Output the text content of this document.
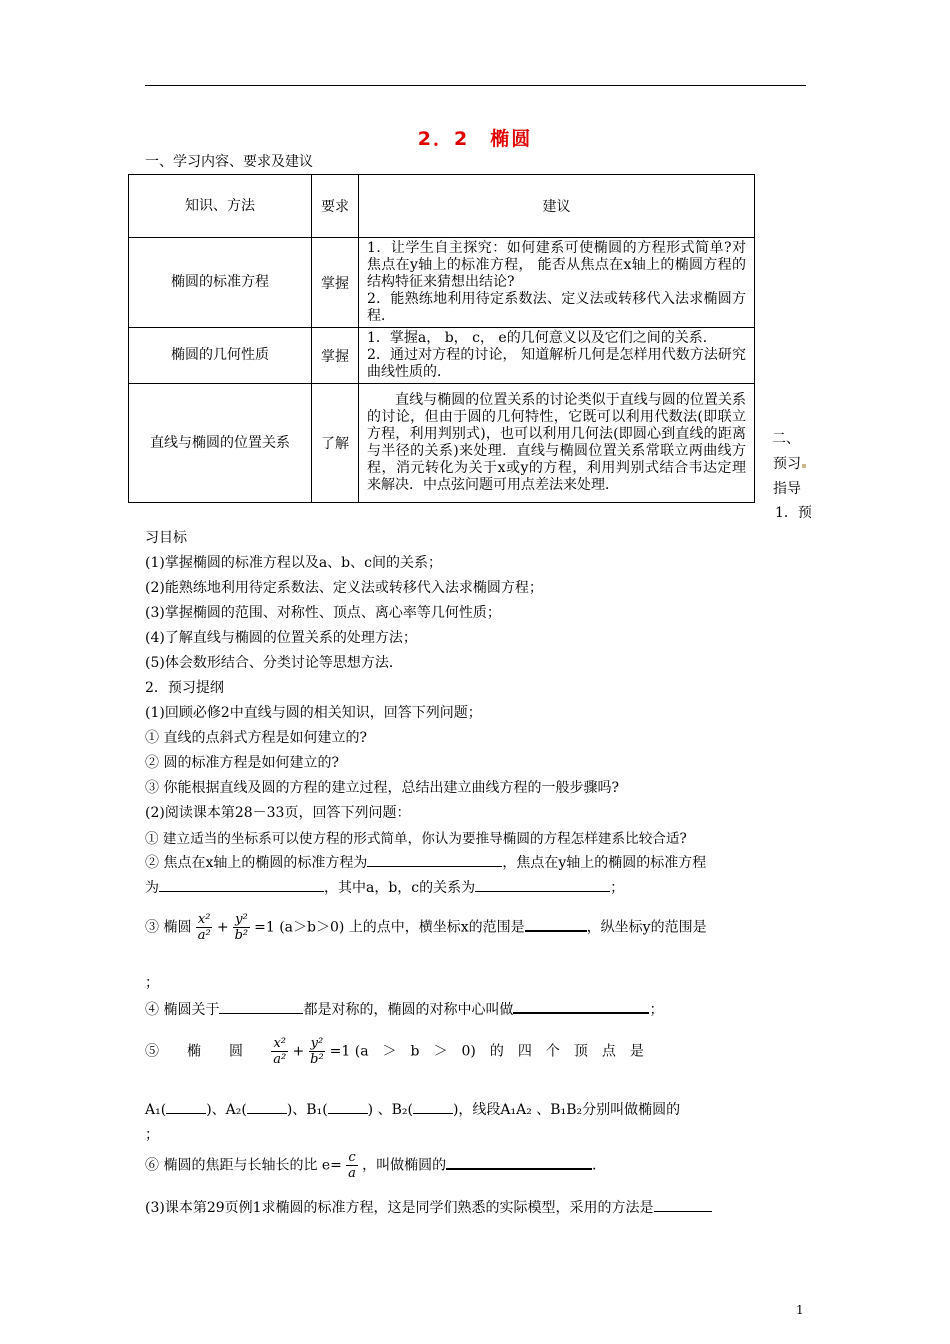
2．2　椭圆
一、学习内容、要求及建议
知识、方法	要求	建议
椭圆的标准方程	掌握	1．让学生自主探究：如何建系可使椭圆的方程形式简单?对焦点在y轴上的标准方程， 能否从焦点在x轴上的椭圆方程的结构特征来猜想出结论?
2．能熟练地利用待定系数法、定义法或转移代入法求椭圆方程．
椭圆的几何性质	掌握	1．掌握a， b， c， e的几何意义以及它们之间的关系．
2．通过对方程的讨论， 知道解析几何是怎样用代数方法研究曲线性质的．
直线与椭圆的位置关系	了解	　　直线与椭圆的位置关系的讨论类似于直线与圆的位置关系的讨论，但由于圆的几何特性，它既可以利用代数法(即联立方程，利用判别式)，也可以利用几何法(即圆心到直线的距离与半径的关系)来处理．直线与椭圆位置关系常联立两曲线方程，消元转化为关于x或y的方程，利用判别式结合韦达定理来解决．中点弦问题可用点差法来处理．
二、
预习
指导
1．预
习目标
(1)掌握椭圆的标准方程以及a、b、c间的关系；
(2)能熟练地利用待定系数法、定义法或转移代入法求椭圆方程；
(3)掌握椭圆的范围、对称性、顶点、离心率等几何性质；
(4)了解直线与椭圆的位置关系的处理方法；
(5)体会数形结合、分类讨论等思想方法．
2．预习提纲
(1)回顾必修2中直线与圆的相关知识，回答下列问题；
① 直线的点斜式方程是如何建立的?
② 圆的标准方程是如何建立的?
③ 你能根据直线及圆的方程的建立过程，总结出建立曲线方程的一般步骤吗?
(2)阅读课本第28－33页，回答下列问题：
① 建立适当的坐标系可以使方程的形式简单，你认为要推导椭圆的方程怎样建系比较合适?
② 焦点在x轴上的椭圆的标准方程为	，焦点在y轴上的椭圆的标准方程
为	，其中a，b，c的关系为	；
③ 椭圆 $\frac{\text{x²}}{\text{a²}} + \frac{\text{y²}}{\text{b²}} =1$ (a＞b＞0) 上的点中，横坐标x的范围是	，纵坐标y的范围是
；
④ 椭圆关于	都是对称的，椭圆的对称中心叫做	；
⑤　　椭　　圆 $\frac{\text{x²}}{\text{a²}} + \frac{\text{y²}}{\text{b²}} =1$ (a　＞　b　＞　0)　的　四　个　顶　点　是
A₁(	)、A₂(	)、B₁(	) 、B₂(	)，线段A₁A₂ 、B₁B₂分别叫做椭圆的
；
⑥ 椭圆的焦距与长轴长的比 $e= \frac{c}{a}$ ，叫做椭圆的	．
(3)课本第29页例1求椭圆的标准方程，这是同学们熟悉的实际模型，采用的方法是
1
